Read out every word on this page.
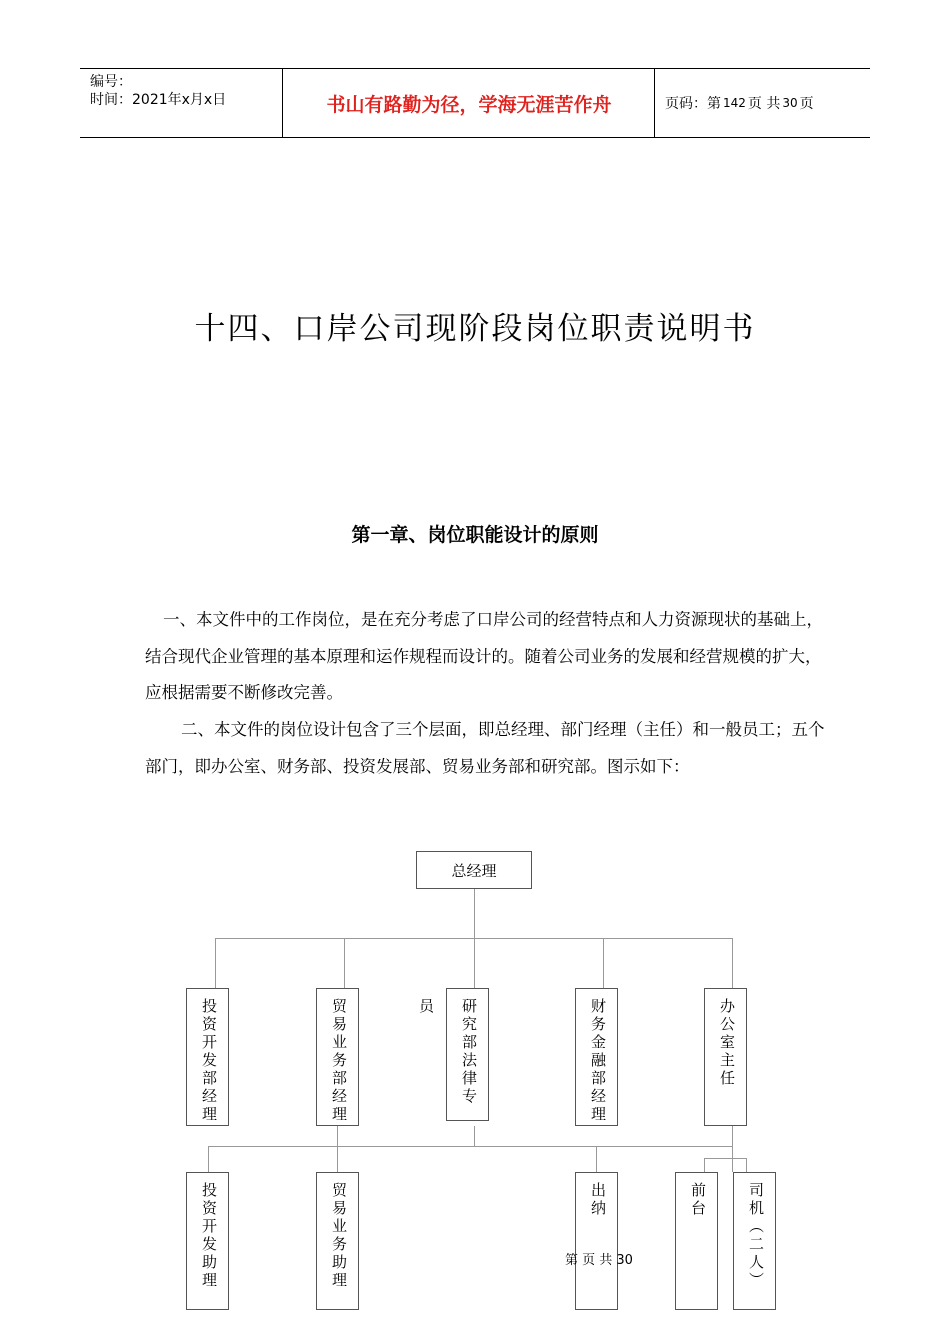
编号：
时间：2021年x月x日	书山有路勤为径，学海无涯苦作舟	页码：第 142 页 共 30 页
十四、口岸公司现阶段岗位职责说明书
第一章、岗位职能设计的原则

一、本文件中的工作岗位，是在充分考虑了口岸公司的经营特点和人力资源现状的基础上，结合现代企业管理的基本原理和运作规程而设计的。随着公司业务的发展和经营规模的扩大，应根据需要不断修改完善。

二、本文件的岗位设计包含了三个层面，即总经理、部门经理（主任）和一般员工；五个部门，即办公室、财务部、投资发展部、贸易业务部和研究部。图示如下：

总经理
投资开发部经理	贸易业务部经理	研究部法律专员	财务金融部经理	办公室主任
投资开发助理	贸易业务助理	出纳	前台	司机（二人）
第 页 共 30
